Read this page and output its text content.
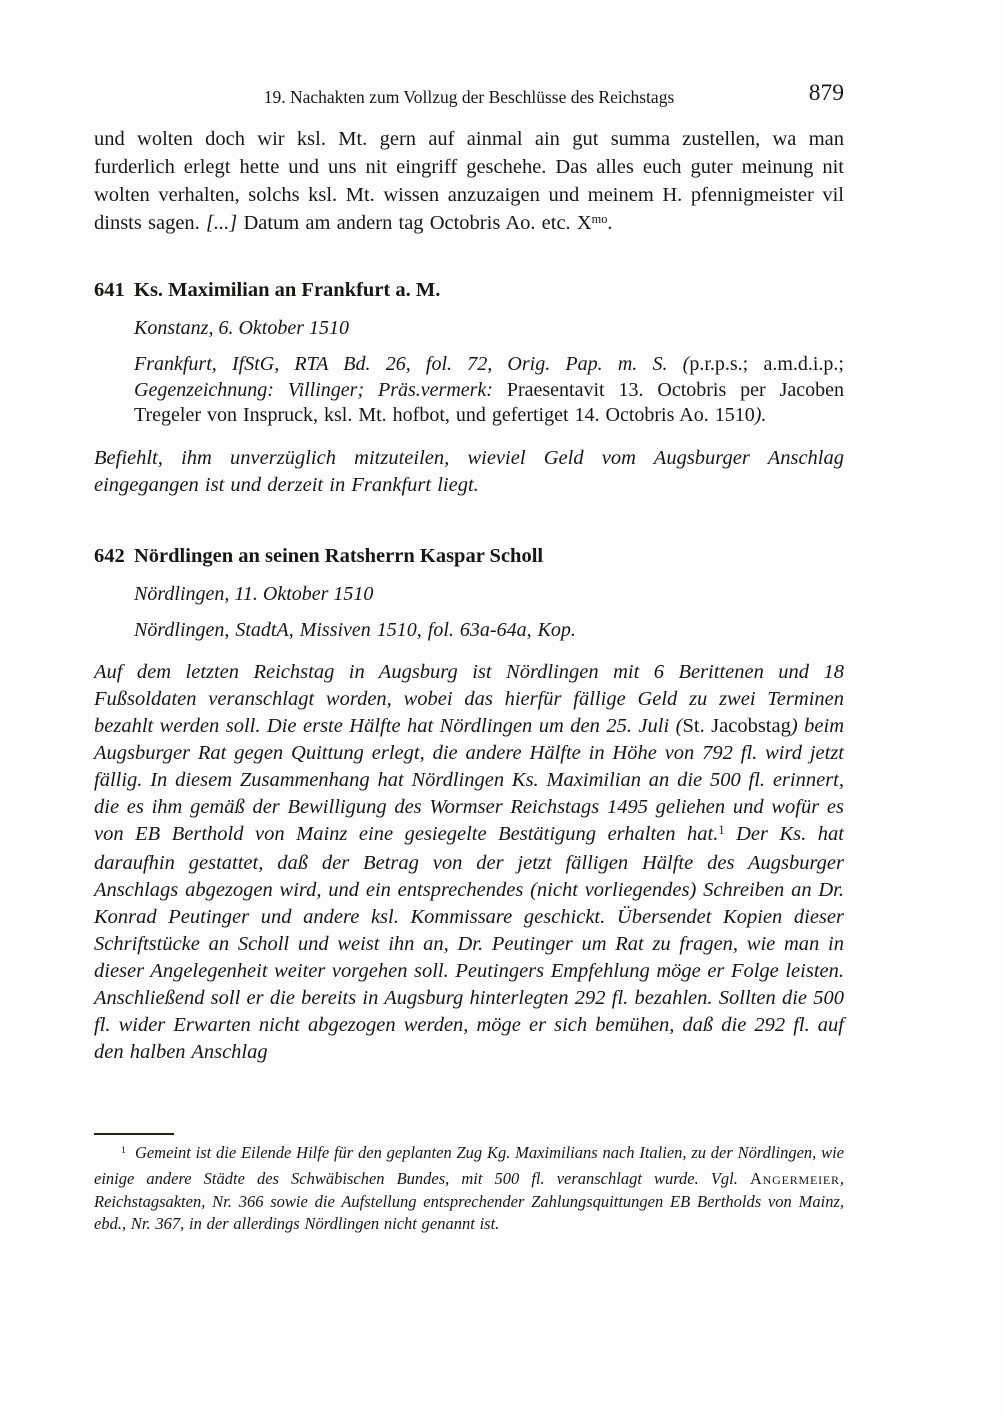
19. Nachakten zum Vollzug der Beschlüsse des Reichstags	879

und wolten doch wir ksl. Mt. gern auf ainmal ain gut summa zustellen, wa man furderlich erlegt hette und uns nit eingriff geschehe. Das alles euch guter meinung nit wolten verhalten, solchs ksl. Mt. wissen anzuzaigen und meinem H. pfennigmeister vil dinsts sagen. [...] Datum am andern tag Octobris Ao. etc. $X^{mo}$.

641 Ks. Maximilian an Frankfurt a. M.

Konstanz, 6. Oktober 1510

Frankfurt, IfStG, RTA Bd. 26, fol. 72, Orig. Pap. m. S. (p.r.p.s.; a.m.d.i.p.; Gegenzeichnung: Villinger; Präs.vermerk: Praesentavit 13. Octobris per Jacoben Tregeler von Inspruck, ksl. Mt. hofbot, und gefertiget 14. Octobris Ao. 1510).

Befiehlt, ihm unverzüglich mitzuteilen, wieviel Geld vom Augsburger Anschlag eingegangen ist und derzeit in Frankfurt liegt.

642 Nördlingen an seinen Ratsherrn Kaspar Scholl

Nördlingen, 11. Oktober 1510

Nördlingen, StadtA, Missiven 1510, fol. 63a-64a, Kop.

Auf dem letzten Reichstag in Augsburg ist Nördlingen mit 6 Berittenen und 18 Fußsoldaten veranschlagt worden, wobei das hierfür fällige Geld zu zwei Terminen bezahlt werden soll. Die erste Hälfte hat Nördlingen um den 25. Juli (St. Jacobstag) beim Augsburger Rat gegen Quittung erlegt, die andere Hälfte in Höhe von 792 fl. wird jetzt fällig. In diesem Zusammenhang hat Nördlingen Ks. Maximilian an die 500 fl. erinnert, die es ihm gemäß der Bewilligung des Wormser Reichstags 1495 geliehen und wofür es von EB Berthold von Mainz eine gesiegelte Bestätigung erhalten hat.$^1$ Der Ks. hat daraufhin gestattet, daß der Betrag von der jetzt fälligen Hälfte des Augsburger Anschlags abgezogen wird, und ein entsprechendes (nicht vorliegendes) Schreiben an Dr. Konrad Peutinger und andere ksl. Kommissare geschickt. Übersendet Kopien dieser Schriftstücke an Scholl und weist ihn an, Dr. Peutinger um Rat zu fragen, wie man in dieser Angelegenheit weiter vorgehen soll. Peutingers Empfehlung möge er Folge leisten. Anschließend soll er die bereits in Augsburg hinterlegten 292 fl. bezahlen. Sollten die 500 fl. wider Erwarten nicht abgezogen werden, möge er sich bemühen, daß die 292 fl. auf den halben Anschlag

$^1$ Gemeint ist die Eilende Hilfe für den geplanten Zug Kg. Maximilians nach Italien, zu der Nördlingen, wie einige andere Städte des Schwäbischen Bundes, mit 500 fl. veranschlagt wurde. Vgl. Angermeier, Reichstagsakten, Nr. 366 sowie die Aufstellung entsprechender Zahlungsquittungen EB Bertholds von Mainz, ebd., Nr. 367, in der allerdings Nördlingen nicht genannt ist.
